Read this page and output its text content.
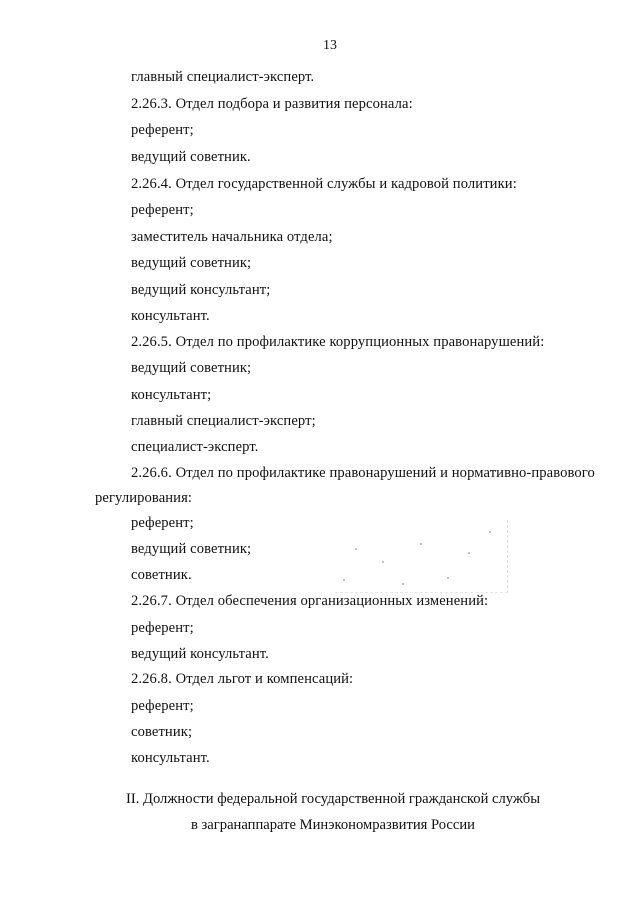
13
главный специалист-эксперт.
2.26.3. Отдел подбора и развития персонала:
референт;
ведущий советник.
2.26.4. Отдел государственной службы и кадровой политики:
референт;
заместитель начальника отдела;
ведущий советник;
ведущий консультант;
консультант.
2.26.5. Отдел по профилактике коррупционных правонарушений:
ведущий советник;
консультант;
главный специалист-эксперт;
специалист-эксперт.
2.26.6. Отдел по профилактике правонарушений и нормативно-правового
регулирования:
референт;
ведущий советник;
советник.
2.26.7. Отдел обеспечения организационных изменений:
референт;
ведущий консультант.
2.26.8. Отдел льгот и компенсаций:
референт;
советник;
консультант.
II. Должности федеральной государственной гражданской службы
в загранаппарате Минэкономразвития России
